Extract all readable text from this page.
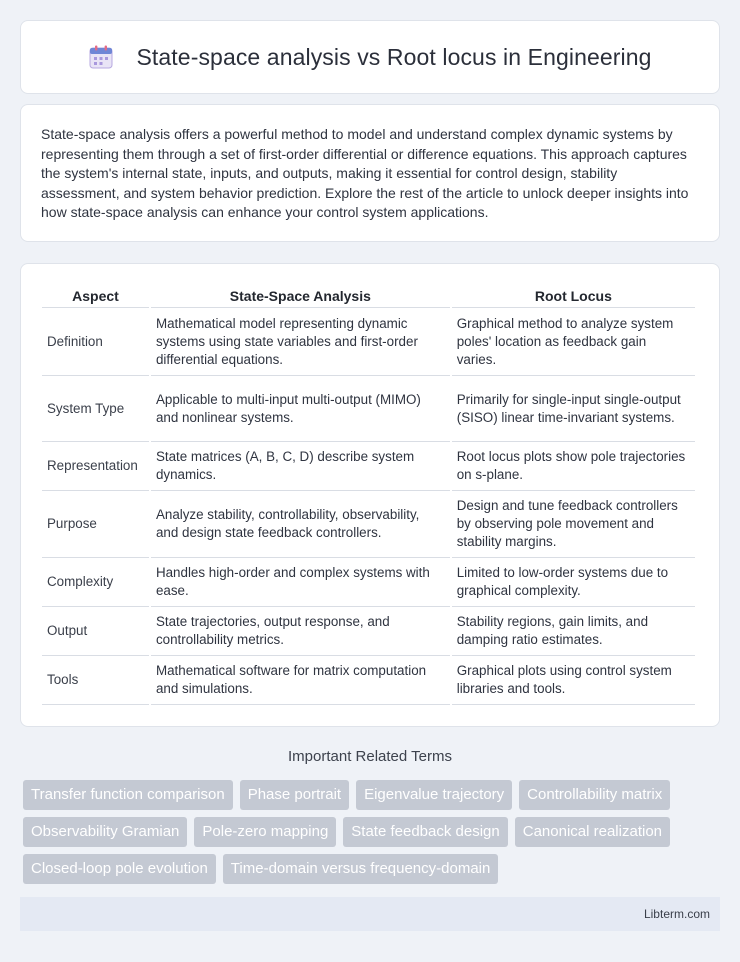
State-space analysis vs Root locus in Engineering

State-space analysis offers a powerful method to model and understand complex dynamic systems by representing them through a set of first-order differential or difference equations. This approach captures the system's internal state, inputs, and outputs, making it essential for control design, stability assessment, and system behavior prediction. Explore the rest of the article to unlock deeper insights into how state-space analysis can enhance your control system applications.

Aspect	State-Space Analysis	Root Locus
Definition	Mathematical model representing dynamic systems using state variables and first-order differential equations.	Graphical method to analyze system poles' location as feedback gain varies.
System Type	Applicable to multi-input multi-output (MIMO) and nonlinear systems.	Primarily for single-input single-output (SISO) linear time-invariant systems.
Representation	State matrices (A, B, C, D) describe system dynamics.	Root locus plots show pole trajectories on s-plane.
Purpose	Analyze stability, controllability, observability, and design state feedback controllers.	Design and tune feedback controllers by observing pole movement and stability margins.
Complexity	Handles high-order and complex systems with ease.	Limited to low-order systems due to graphical complexity.
Output	State trajectories, output response, and controllability metrics.	Stability regions, gain limits, and damping ratio estimates.
Tools	Mathematical software for matrix computation and simulations.	Graphical plots using control system libraries and tools.
Important Related Terms
Transfer function comparison	Phase portrait	Eigenvalue trajectory	Controllability matrix
Observability Gramian	Pole-zero mapping	State feedback design	Canonical realization
Closed-loop pole evolution	Time-domain versus frequency-domain
Libterm.com
